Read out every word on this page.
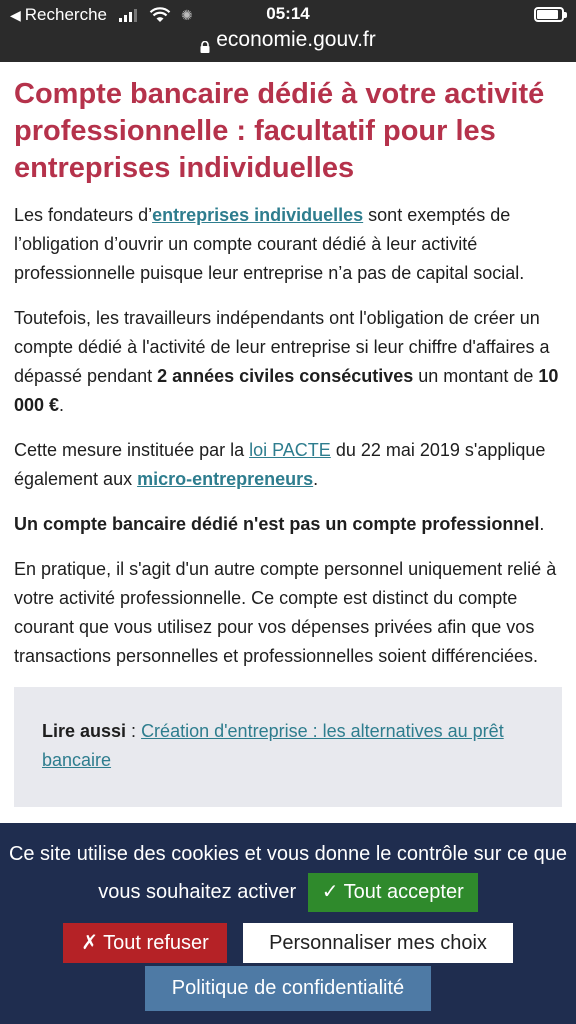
◀ Recherche	✺	05:14
economie.gouv.fr
Compte bancaire dédié à votre activité professionnelle : facultatif pour les entreprises individuelles

Les fondateurs d’entreprises individuelles sont exemptés de l’obligation d’ouvrir un compte courant dédié à leur activité professionnelle puisque leur entreprise n’a pas de capital social.

Toutefois, les travailleurs indépendants ont l'obligation de créer un compte dédié à l'activité de leur entreprise si leur chiffre d'affaires a dépassé pendant 2 années civiles consécutives un montant de 10 000 €.

Cette mesure instituée par la loi PACTE du 22 mai 2019 s'applique également aux micro-entrepreneurs.

Un compte bancaire dédié n'est pas un compte professionnel.

En pratique, il s'agit d'un autre compte personnel uniquement relié à votre activité professionnelle. Ce compte est distinct du compte courant que vous utilisez pour vos dépenses privées afin que vos transactions personnelles et professionnelles soient différenciées.

Lire aussi : Création d'entreprise : les alternatives au prêt bancaire
Ce site utilise des cookies et vous donne le contrôle sur ce que vous souhaitez activer ✓ Tout accepter
✗ Tout refuser	Personnaliser mes choix
Politique de confidentialité
